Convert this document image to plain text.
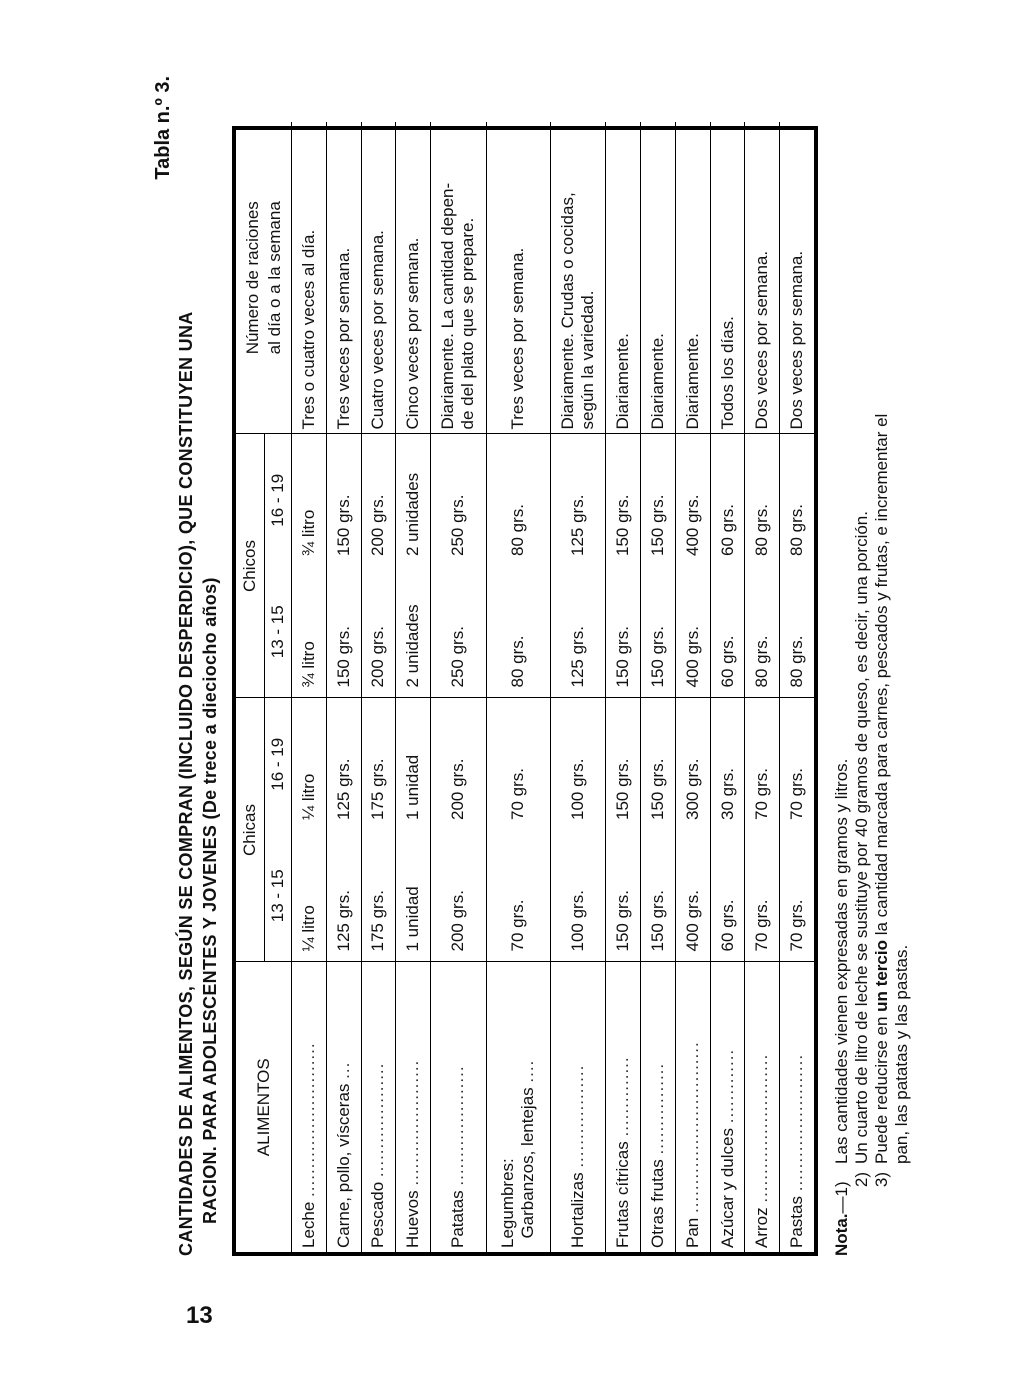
13
Tabla n.º 3.
CANTIDADES DE ALIMENTOS, SEGÚN SE COMPRAN (INCLUIDO DESPERDICIO), QUE CONSTITUYEN UNA RACION. PARA ADOLESCENTES Y JOVENES (De trece a dieciocho años) ALIMENTOS	Chicas		Chicos		Número de raciones al día o a la semana
	13 - 15	16 - 19	13 - 15	16 - 19	
Leche ...........................	¼ litro	¼ litro	¾ litro	¾ litro	Tres o cuatro veces al día.
Carne, pollo, vísceras ...	125 grs.	125 grs.	150 grs.	150 grs.	Tres veces por semana.
Pescado ....................	175 grs.	175 grs.	200 grs.	200 grs.	Cuatro veces por semana.
Huevos ......................	1 unidad	1 unidad	2 unidades	2 unidades	Cinco veces por semana.
Patatas .....................	200 grs.	200 grs.	250 grs.	250 grs.	Diariamente. La cantidad depen-
de del plato que se prepare.
Legumbres:
Garbanzos, lentejas ....	70 grs.	70 grs.	80 grs.	80 grs.	Tres veces por semana.
Hortalizas ..................	100 grs.	100 grs.	125 grs.	125 grs.	Diariamente. Crudas o cocidas,
según la variedad.
Frutas cítricas ..............	150 grs.	150 grs.	150 grs.	150 grs.	Diariamente.
Otras frutas ................	150 grs.	150 grs.	150 grs.	150 grs.	Diariamente.
Pan ..............................	400 grs.	300 grs.	400 grs.	400 grs.	Diariamente.
Azúcar y dulces .............	60 grs.	30 grs.	60 grs.	60 grs.	Todos los días.
Arroz ..........................	70 grs.	70 grs.	80 grs.	80 grs.	Dos veces por semana.
Pastas ........................	70 grs.	70 grs.	80 grs.	80 grs.	Dos veces por semana.
Nota.—1)
Las cantidades vienen expresadas en gramos y litros.
2)
Un cuarto de litro de leche se sustituye por 40 gramos de queso, es decir, una porción.
3)
Puede reducirse en un tercio la cantidad marcada para carnes, pescados y frutas, e incrementar el
pan, las patatas y las pastas.
